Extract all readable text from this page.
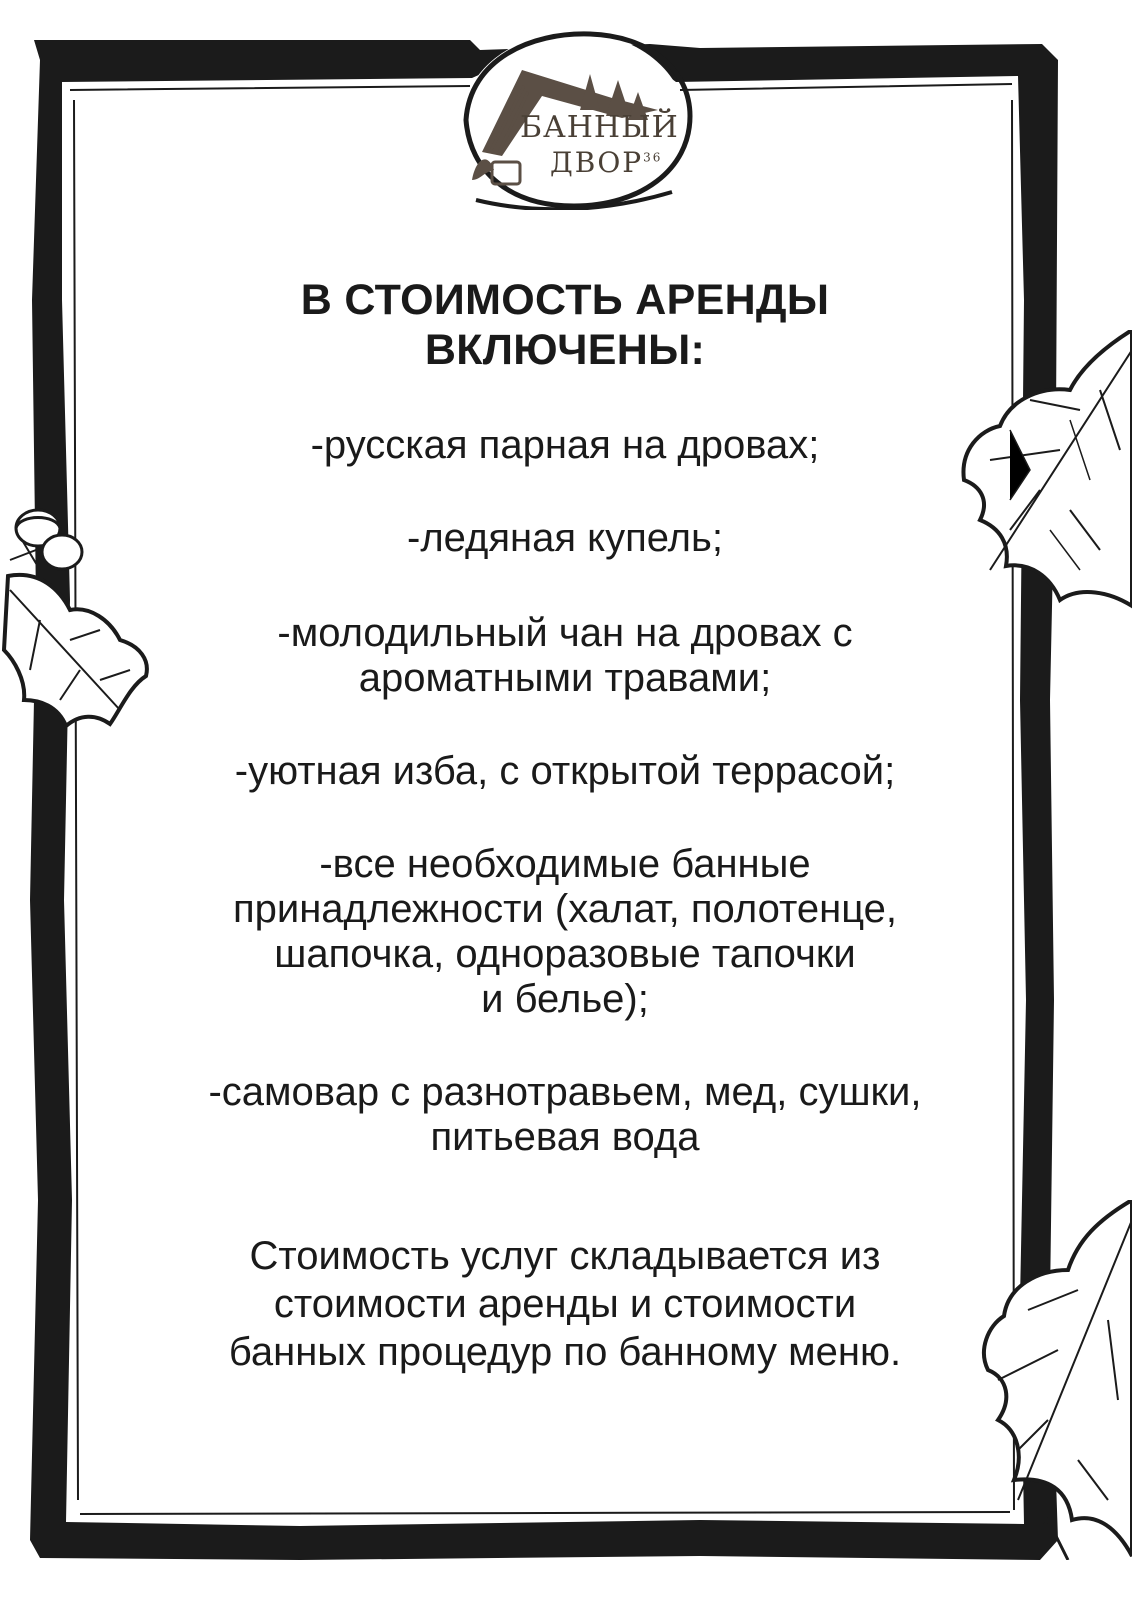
БАННЫЙ
ДВОР$^{36}$
В СТОИМОСТЬ АРЕНДЫ
ВКЛЮЧЕНЫ:
-русская парная на дровах;
-ледяная купель;
-молодильный чан на дровах с
ароматными травами;
-уютная изба, с открытой террасой;
-все необходимые банные
принадлежности (халат, полотенце,
шапочка, одноразовые тапочки
и белье);
-самовар с разнотравьем, мед, сушки,
питьевая вода

Стоимость услуг складывается из
стоимости аренды и стоимости
банных процедур по банному меню.
